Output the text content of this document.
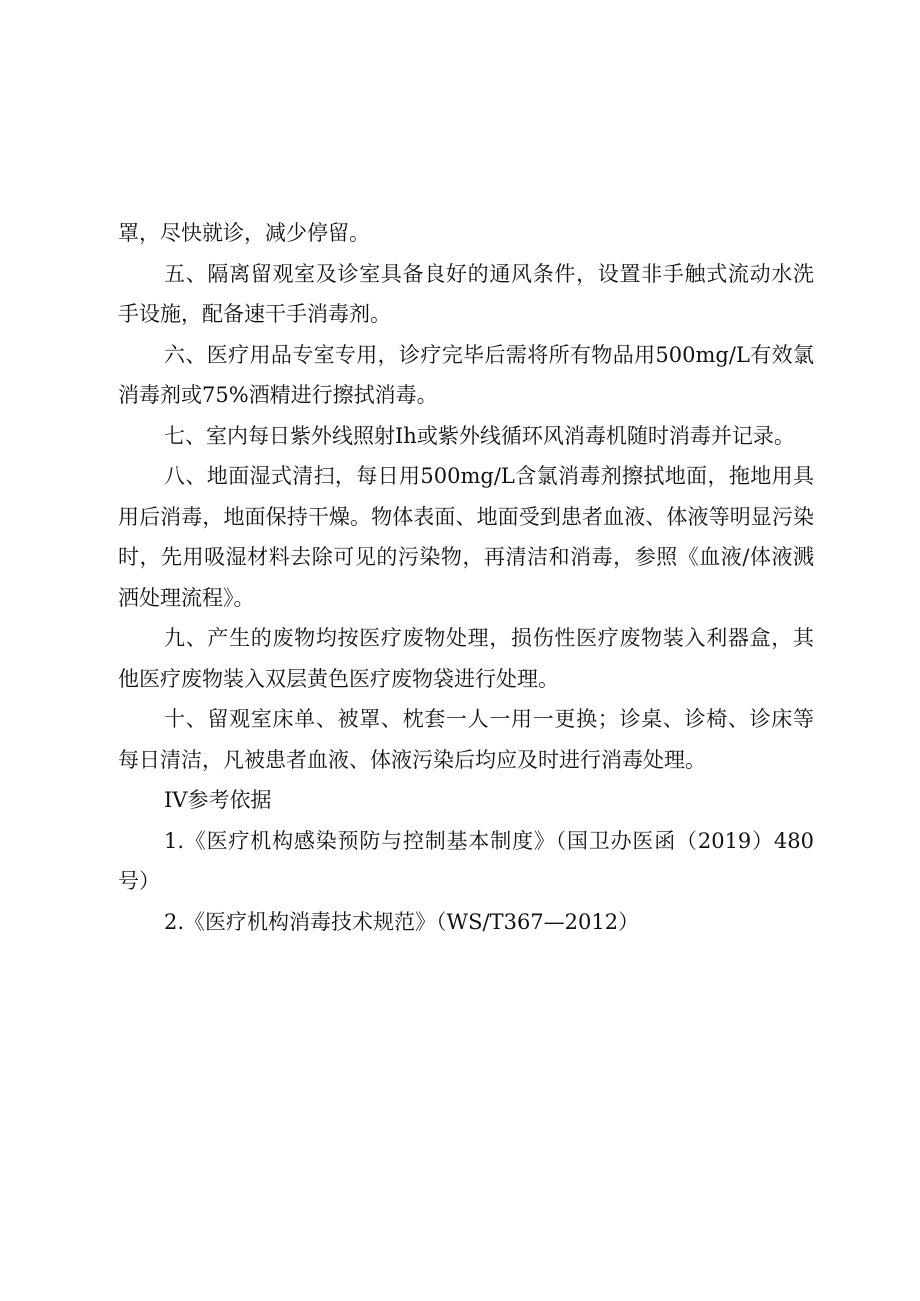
罩，尽快就诊，减少停留。

五、隔离留观室及诊室具备良好的通风条件，设置非手触式流动水洗手设施，配备速干手消毒剂。

六、医疗用品专室专用，诊疗完毕后需将所有物品用500mg/L有效氯消毒剂或75%酒精进行擦拭消毒。

七、室内每日紫外线照射Ih或紫外线循环风消毒机随时消毒并记录。

八、地面湿式清扫，每日用500mg/L含氯消毒剂擦拭地面，拖地用具用后消毒，地面保持干燥。物体表面、地面受到患者血液、体液等明显污染时，先用吸湿材料去除可见的污染物，再清洁和消毒，参照《血液/体液溅洒处理流程》。

九、产生的废物均按医疗废物处理，损伤性医疗废物装入利器盒，其他医疗废物装入双层黄色医疗废物袋进行处理。

十、留观室床单、被罩、枕套一人一用一更换；诊桌、诊椅、诊床等每日清洁，凡被患者血液、体液污染后均应及时进行消毒处理。

IV参考依据

1.《医疗机构感染预防与控制基本制度》（国卫办医函（2019）480号）

2.《医疗机构消毒技术规范》（WS/T367—2012）
